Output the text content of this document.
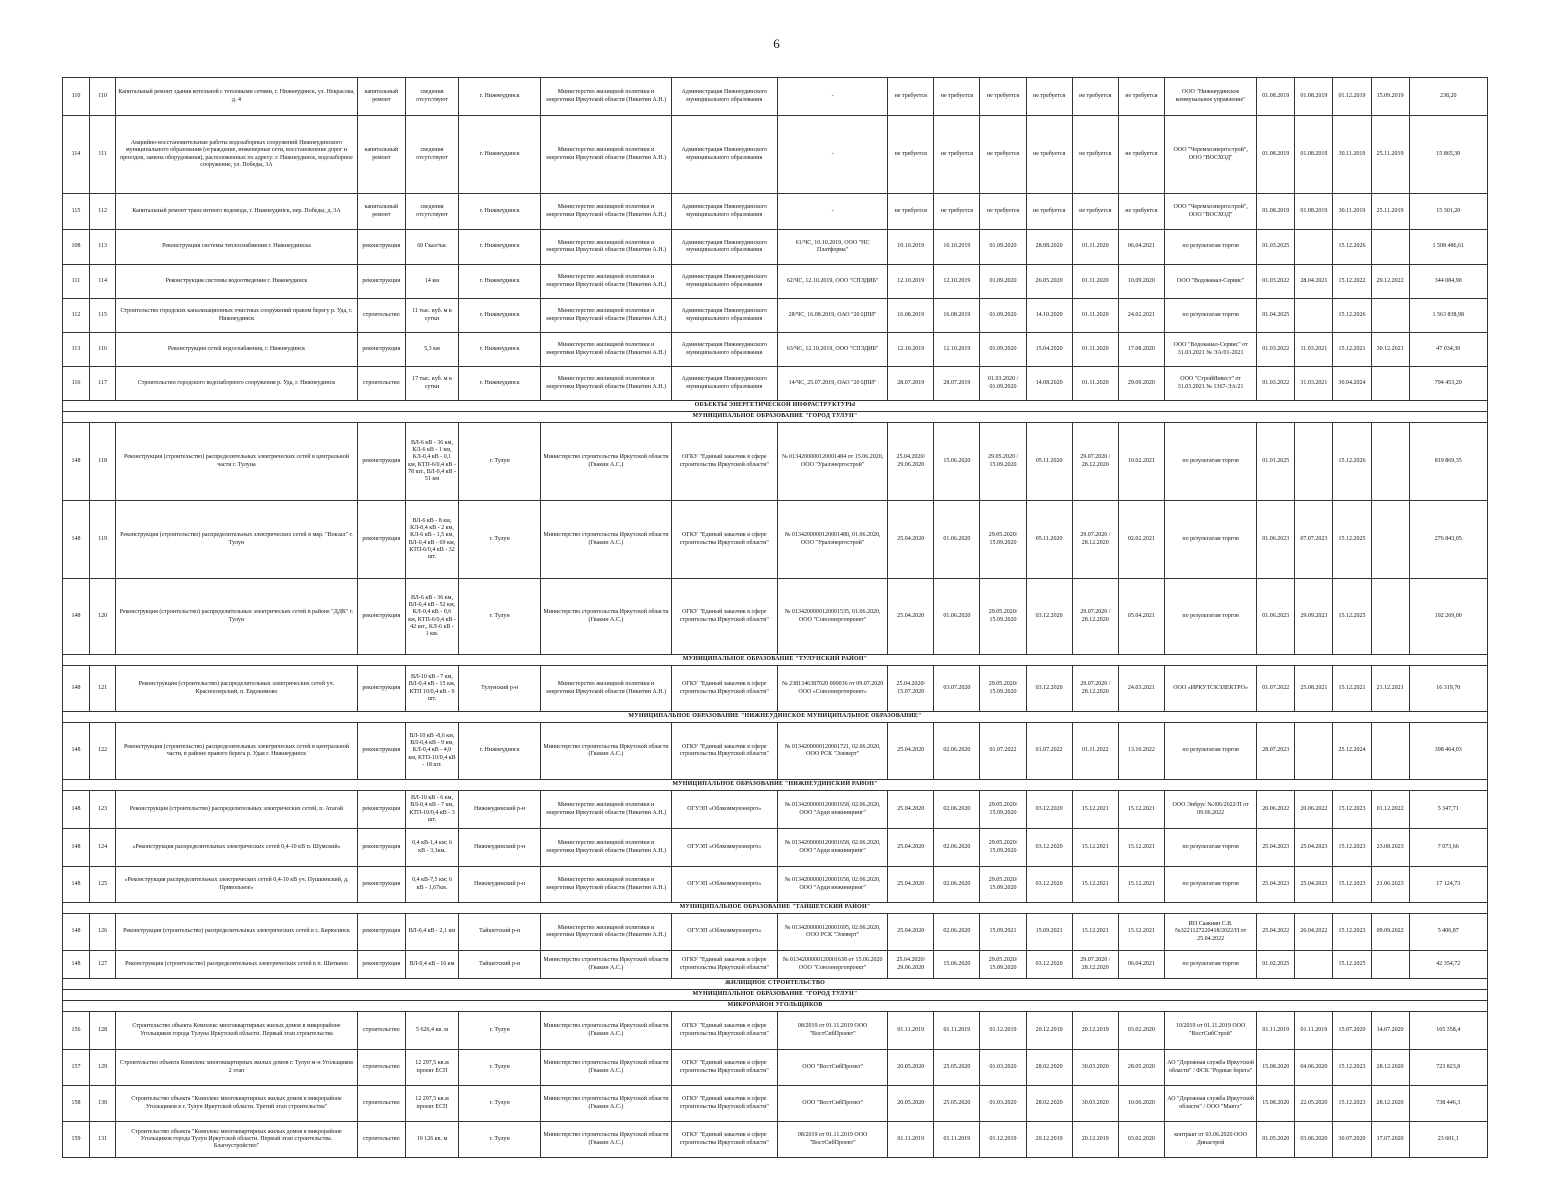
6
110	110	Капитальный ремонт здания котельной с тепловыми сетями, г. Нижнеудинск, ул. Некрасова, д. 4	капитальный ремонт	сведения отсутствуют	г. Нижнеудинск	Министерство жилищной политики и энергетики Иркутской области (Никитин А.Н.)	Администрация Нижнеудинского муниципального образования	-	не требуется	не требуется	не требуется	не требуется	не требуется	не требуется	ООО "Нижнеудинское коммунальное управление"	01.08.2019	01.08.2019	01.12.2019	15.09.2019	238,20
114	111	Аварийно-восстановительные работы водозаборных сооружений Нижнеудинского муниципального образования (ограждение, инженерные сети, восстановление дорог и проездов, замена оборудования), расположенных по адресу: г. Нижнеудинск, водозаборное сооружение, ул. Победы, 3А	капитальный ремонт	сведения отсутствуют	г. Нижнеудинск	Министерство жилищной политики и энергетики Иркутской области (Никитин А.Н.)	Администрация Нижнеудинского муниципального образования	-	не требуется	не требуется	не требуется	не требуется	не требуется	не требуется	ООО "Черемхоэнергострой", ООО "ВОСХОД"	01.08.2019	01.08.2019	30.11.2019	25.11.2019	15 865,30
115	112	Капитальный ремонт трансзитного водовода, г. Нижнеудинск, пер. Победы, д. 3А	капитальный ремонт	сведения отсутствуют	г. Нижнеудинск	Министерство жилищной политики и энергетики Иркутской области (Никитин А.Н.)	Администрация Нижнеудинского муниципального образования	-	не требуется	не требуется	не требуется	не требуется	не требуется	не требуется	ООО "Черемхоэнергострой", ООО "ВОСХОД"	01.08.2019	01.08.2019	30.11.2019	25.11.2019	15 301,20
108	113	Реконструкция системы теплоснабжения г. Нижнеудинска	реконструкция	60 Гкал/час	г. Нижнеудинск	Министерство жилищной политики и энергетики Иркутской области (Никитин А.Н.)	Администрация Нижнеудинского муниципального образования	61/ЧС, 10.10.2019, ООО "НС Платформа"	10.10.2019	10.10.2019	01.09.2020	28.08.2020	01.11.2020	06.04.2021	по результатам торгов	01.03.2025		15.12.2026		1 508 486,61
111	114	Реконструкция системы водоотведения г. Нижнеудинск	реконструкция	14 км	г. Нижнеудинск	Министерство жилищной политики и энергетики Иркутской области (Никитин А.Н.)	Администрация Нижнеудинского муниципального образования	62/ЧС, 12.10.2019, ООО "СПЭДИБ"	12.10.2019	12.10.2019	01.09.2020	26.05.2020	01.11.2020	10.09.2020	ООО "Водоканал-Сервис"	01.03.2022	28.04.2021	15.12.2022	29.12.2022	344 084,90
112	115	Строительство городских канализационных очистных сооружений правом берегу р. Уда, г. Нижнеудинск	строительство	11 тыс. куб. м в сутки	г. Нижнеудинск	Министерство жилищной политики и энергетики Иркутской области (Никитин А.Н.)	Администрация Нижнеудинского муниципального образования	28/ЧС, 16.08.2019, ОАО "20 ЦПИ"	16.08.2019	16.08.2019	01.09.2020	14.10.2020	01.11.2020	24.02.2021	по результатам торгов	01.04.2025		15.12.2026		1 563 838,98
113	116	Реконструкция сетей водоснабжения, г. Нижнеудинск	реконструкция	5,3 км	г. Нижнеудинск	Министерство жилищной политики и энергетики Иркутской области (Никитин А.Н.)	Администрация Нижнеудинского муниципального образования	63/ЧС, 12.10.2019, ООО "СПЭДИБ"	12.10.2019	12.10.2019	01.09.2020	15.04.2020	01.11.2020	17.08.2020	ООО "Водоканал-Сервис" от 31.03.2021 № ЭА/01-2021	01.03.2022	11.03.2021	15.12.2021	30.12.2021	47 034,30
116	117	Строительство городского водозаборного сооружения р. Уда, г. Нижнеудинск	строительство	17 тыс. куб. м в сутки	г. Нижнеудинск	Министерство жилищной политики и энергетики Иркутской области (Никитин А.Н.)	Администрация Нижнеудинского муниципального образования	14/ЧС, 25.07.2019, ОАО "20 ЦПИ"	28.07.2019	28.07.2019	01.03.2020 / 01.09.2020	14.08.2020	01.11.2020	29.09.2020	ООО "СтройИнвест" от 31.03.2021 № 1367-ЭА/21	01.03.2022	31.03.2021	30.04.2024		794 453,20
ОБЪЕКТЫ ЭНЕРГЕТИЧЕСКОЙ ИНФРАСТРУКТУРЫ																				
МУНИЦИПАЛЬНОЕ ОБРАЗОВАНИЕ "ГОРОД ТУЛУН"																				
148	118	Реконструкция (строительство) распределительных электрических сетей в центральной части г. Тулуна	реконструкция	ВЛ-6 кВ - 36 км, КЛ-6 кВ - 1 км, КЛ-0,4 кВ - 0,1 км, КТП-6/0,4 кВ - 78 шт., ВЛ-0,4 кВ - 51 км	г. Тулун	Министерство строительства Иркутской области (Гвакин А.С.)	ОГКУ "Единый заказчик в сфере строительства Иркутской области"	№ 0134200000120001484 от 15.06.2020, ООО "Уралэнергострой"	25.04.2020/ 29.06.2020	15.06.2020	29.05.2020 / 15.09.2020	05.11.2020	29.07.2020 / 28.12.2020	10.02.2021	по результатам торгов	01.01.2025		15.12.2026		819 869,35
148	119	Реконструкция (строительство) распределительных электрических сетей в мкр. "Вокзал" г. Тулун	реконструкция	ВЛ-6 кВ - 8 км, КЛ-0,4 кВ - 2 км, КЛ-6 кВ - 1,5 км, ВЛ-0,4 кВ - 69 км, КТП-6/0,4 кВ - 32 шт.	г. Тулун	Министерство строительства Иркутской области (Гвакин А.С.)	ОГКУ "Единый заказчик в сфере строительства Иркутской области"	№ 0134200000120001480, 01.06.2020, ООО "Уралэнергострой"	25.04.2020	01.06.2020	29.05.2020/ 15.09.2020	05.11.2020	29.07.2020 / 28.12.2020	02.02.2021	по результатам торгов	01.06.2023	07.07.2023	15.12.2025		276 843,05
148	120	Реконструкция (строительство) распределительных электрических сетей в районе "ДДК" г. Тулун	реконструкция	ВЛ-6 кВ - 36 км, ВЛ-0,4 кВ - 52 км, КЛ-0,4 кВ - 0,6 км, КТП-6/0,4 кВ - 42 шт., КЛ-6 кВ - 1 км.	г. Тулун	Министерство строительства Иркутской области (Гвакин А.С.)	ОГКУ "Единый заказчик в сфере строительства Иркутской области"	№ 0134200000120001535, 01.06.2020, ООО "Союзэнергопроект"	25.04.2020	01.06.2020	29.05.2020/ 15.09.2020	03.12.2020	29.07.2020 / 28.12.2020	05.04.2021	по результатам торгов	01.06.2023	29.09.2023	15.12.2025		192 269,00
МУНИЦИПАЛЬНОЕ ОБРАЗОВАНИЕ "ТУЛУНСКИЙ РАЙОН"																				
148	121	Реконструкция (строительство) распределительных электрических сетей уч. Красноозерский, п. Евдокимово	реконструкция	ВЛ-10 кВ - 7 км, ВЛ-0,4 кВ - 15 км, КТП 10/0,4 кВ - 9 шт.	Тулунский р-н	Министерство жилищной политики и энергетики Иркутской области (Никитин А.Н.)	ОГКУ "Единый заказчик в сфере строительства Иркутской области"	№ 2381346387020 000036 от 09.07.2020 ООО «Союзэнергопроект»	25.04.2020/ 15.07.2020	03.07.2020	29.05.2020/ 15.09.2020	03.12.2020	29.07.2020 / 28.12.2020	24.03.2021	ООО «ИРКУТСКЭЛЕКТРО»	01.07.2022	25.08.2021	15.12.2021	21.12.2021	16 319,70
МУНИЦИПАЛЬНОЕ ОБРАЗОВАНИЕ "НИЖНЕУДИНСКОЕ МУНИЦИПАЛЬНОЕ ОБРАЗОВАНИЕ"																				
148	122	Реконструкция (строительство) распределительных электрических сетей в центральной части, в районе правого берега р. Удая г. Нижнеудинск	реконструкция	ВЛ-10 кВ -8,6 км, ВЛ-0,4 кВ - 9 км, КЛ-0,4 кВ - 4,0 км, КТП-10/0,4 кВ - 18 шт.	г. Нижнеудинск	Министерство строительства Иркутской области (Гвакин А.С.)	ОГКУ "Единый заказчик в сфере строительства Иркутской области"	№ 0134200000120001721, 02.06.2020, ООО РСК "Элеверт"	25.04.2020	02.06.2020	01.07.2022	01.07.2022	01.11.2022	13.10.2022	по результатам торгов	28.07.2023		25.12.2024		398 464,03
МУНИЦИПАЛЬНОЕ ОБРАЗОВАНИЕ "НИЖНЕУДИНСКИЙ РАЙОН"																				
148	123	Реконструкция (строительство) распределительных электрических сетей, п. Атагай	реконструкция	ВЛ-10 кВ - 6 км, ВЛ-0,4 кВ - 7 км, КТП-10/0,4 кВ - 3 шт.	Нижнеудинский р-н	Министерство жилищной политики и энергетики Иркутской области (Никитин А.Н.)	ОГУЭП «Облкоммунэнерго»	№ 0134200000120001658, 02.06.2020, ООО "Арди инжиниринг"	25.04.2020	02.06.2020	29.05.2020/ 15.09.2020	03.12.2020	15.12.2021	15.12.2021	ООО Энбрус №306/2022/П от 09.06.2022	20.06.2022	20.06.2022	15.12.2023	01.12.2022	5 347,71
148	124	«Реконструкция распределительных электрических сетей 0,4-10 кВ п. Шумский»	реконструкция	0,4 кВ-1,4 км; 6 кВ - 3,1км.	Нижнеудинский р-н	Министерство жилищной политики и энергетики Иркутской области (Никитин А.Н.)	ОГУЭП «Облкоммунэнерго»	№ 0134200000120001658, 02.06.2020, ООО "Арди инжиниринг"	25.04.2020	02.06.2020	29.05.2020/ 15.09.2020	03.12.2020	15.12.2021	15.12.2021	по результатам торгов	25.04.2023	25.04.2023	15.12.2023	23.08.2023	7 073,66
148	125	«Реконструкция распределительных электрических сетей 0,4-10 кВ уч. Пушкинский, д. Привольное»	реконструкция	0,4 кВ-7,5 км; 6 кВ - 1,67км.	Нижнеудинский р-н	Министерство жилищной политики и энергетики Иркутской области (Никитин А.Н.)	ОГУЭП «Облкоммунэнерго»	№ 0134200000120001658, 02.06.2020, ООО "Арди инжиниринг"	25.04.2020	02.06.2020	29.05.2020/ 15.09.2020	03.12.2020	15.12.2021	15.12.2021	по результатам торгов	25.04.2023	25.04.2023	15.12.2023	21.06.2023	17 124,73
МУНИЦИПАЛЬНОЕ ОБРАЗОВАНИЕ "ТАЙШЕТСКИЙ РАЙОН"																				
148	126	Реконструкция (строительство) распределительных электрических сетей в с. Бирюсинск	реконструкция	ВЛ-0,4 кВ - 2,1 км	Тайшетский р-н	Министерство жилищной политики и энергетики Иркутской области (Никитин А.Н.)	ОГУЭП «Облкоммунэнерго»	№ 0134200000120001695, 02.06.2020, ООО РСК "Элеверт"	25.04.2020	02.06.2020	15.09.2021	15.09.2021	15.12.2021	15.12.2021	ИП Саакиян С.В. №3221127220418/2022/П от 25.04.2022	25.04.2022	26.04.2022	15.12.2023	09.09.2022	5 406,87
148	127	Реконструкция (строительство) распределительных электрических сетей в п. Шиткино	реконструкция	ВЛ-0,4 кВ - 16 км	Тайшетский р-н	Министерство строительства Иркутской области (Гвакин А.С.)	ОГКУ "Единый заказчик в сфере строительства Иркутской области"	№ 0134200000120001638 от 15.06.2020 ООО "Союзэнергопроект"	25.04.2020/ 29.06.2020	15.06.2020	29.05.2020/ 15.09.2020	03.12.2020	29.07.2020 / 28.12.2020	06.04.2021	по результатам торгов	01.02.2025		15.12.2025		42 354,72
ЖИЛИЩНОЕ СТРОИТЕЛЬСТВО																				
МУНИЦИПАЛЬНОЕ ОБРАЗОВАНИЕ "ГОРОД ТУЛУН"																				
МИКРОРАЙОН УГОЛЬЩИКОВ																				
156	128	Строительство объекта Комплекс многоквартирных жилых домов в микрорайоне Угольщиков города Тулуна Иркутской области. Первый этап строительства	строительство	5 626,4 кв. м	г. Тулун	Министерство строительства Иркутской области (Гвакин А.С.)	ОГКУ "Единый заказчик в сфере строительства Иркутской области"	08/2019 от 01.11.2019 ООО "ВостСибПроект"	01.11.2019	01.11.2019	01.12.2019	20.12.2019	20.12.2019	03.02.2020	10/2019 от 01.11.2019 ООО "ВостСибСтрой"	01.11.2019	01.11.2019	15.07.2020	14.07.2020	165 358,4
157	129	Строительство объекта Комплекс многоквартирных жилых домов г. Тулун м-н Угольщиков 2 этап	строительство	12 297,5 кв.м проект ЕСП	г. Тулун	Министерство строительства Иркутской области (Гвакин А.С.)	ОГКУ "Единый заказчик в сфере строительства Иркутской области"	ООО "ВостСибПроект"	20.05.2020	25.05.2020	01.03.2020	28.02.2020	30.03.2020	28.05.2020	АО "Дорожная служба Иркутской области" / ФСК "Родные берега"	15.08.2020	04.06.2020	15.12.2023	28.12.2020	723 823,8
158	130	Строительство объекта "Комплекс многоквартирных жилых домов в микрорайоне Угольщиков в г. Тулун Иркутской области. Третий этап строительства"	строительство	12 297,5 кв.м проект ЕСП	г. Тулун	Министерство строительства Иркутской области (Гвакин А.С.)	ОГКУ "Единый заказчик в сфере строительства Иркутской области"	ООО "ВостСибПроект"	20.05.2020	25.05.2020	01.03.2020	28.02.2020	30.03.2020	10.06.2020	АО "Дорожная служба Иркутской области" / ООО "Мавтэ"	15.08.2020	22.05.2020	15.12.2023	28.12.2020	738 446,3
159	131	Строительство объекта "Комплекс многоквартирных жилых домов в микрорайоне Угольщиков города Тулун Иркутской области. Первый этап строительства. Благоустройство"	строительство	19 126 кв. м	г. Тулун	Министерство строительства Иркутской области (Гвакин А.С.)	ОГКУ "Единый заказчик в сфере строительства Иркутской области"	08/2019 от 01.11.2019 ООО "ВостСибПроект"	01.11.2019	01.11.2019	01.12.2019	20.12.2019	20.12.2019	03.02.2020	контракт от 03.06.2020 ООО Династрой	01.05.2020	03.06.2020	30.07.2020	17.07.2020	23 601,1
